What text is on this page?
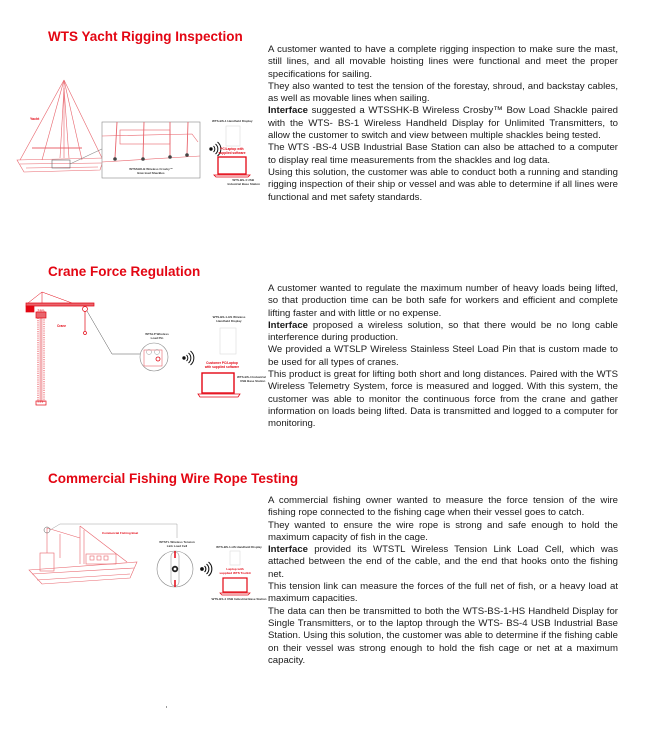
WTS Yacht Rigging Inspection
Yacht
WTSSHK-B Wireless Crosby™
Bow load Shackles
WTS-BS-1 Handheld Display
PC/Laptop with
supplied software
WTS-BS-4 USB
Industrial Base Station

A customer wanted to have a complete rigging inspection to make sure the mast, still lines, and all movable hoisting lines were functional and meet the proper specifications for sailing.

They also wanted to test the tension of the forestay, shroud, and backstay cables, as well as movable lines when sailing.

Interface suggested a WTSSHK-B Wireless Crosby™ Bow Load Shackle paired with the WTS- BS-1 Wireless Handheld Display for Unlimited Transmitters, to allow the customer to switch and view between multiple shackles being tested.

The WTS -BS-4 USB Industrial Base Station can also be attached to a computer to display real time measurements from the shackles and log data.

Using this solution, the customer was able to conduct both a running and standing rigging inspection of their ship or vessel and was able to determine if all lines were functional and met safety standards.

Crane Force Regulation
Crane
WTSLP Wireless
Load Pin
WTS-BS-1-HS Wireless
Handheld Display
Customer PC/Laptop
with supplied software
WTS-BS-4 Industrial
USB Base Station

A customer wanted to regulate the maximum number of heavy loads being lifted, so that production time can be both safe for workers and efficient and complete lifting faster and with little or no expense.

Interface proposed a wireless solution, so that there would be no long cable interference during production.

We provided a WTSLP Wireless Stainless Steel Load Pin that is custom made to be used for all types of cranes.

This product is great for lifting both short and long distances. Paired with the WTS Wireless Telemetry System, force is measured and logged. With this system, the customer was able to monitor the continuous force from the crane and gather information on loads being lifted. Data is transmitted and logged to a computer for monitoring.

Commercial Fishing Wire Rope Testing
Commercial Fishing Boat
WTSTL Wireless Tension
Link Load Cell	WTS-BS-1-HS Handheld Display
Laptop with
supplied WTS Toolkit
WTS-BS-4 USB Industrial Base Station

A commercial fishing owner wanted to measure the force tension of the wire fishing rope connected to the fishing cage when their vessel goes to catch.

They wanted to ensure the wire rope is strong and safe enough to hold the maximum capacity of fish in the cage.

Interface provided its WTSTL Wireless Tension Link Load Cell, which was attached between the end of the cable, and the end that hooks onto the fishing net.

This tension link can measure the forces of the full net of fish, or a heavy load at maximum capacities.

The data can then be transmitted to both the WTS-BS-1-HS Handheld Display for Single Transmitters, or to the laptop through the WTS- BS-4 USB Industrial Base Station. Using this solution, the customer was able to determine if the fishing cable on their vessel was strong enough to hold the fish cage or net at a maximum capacity.
